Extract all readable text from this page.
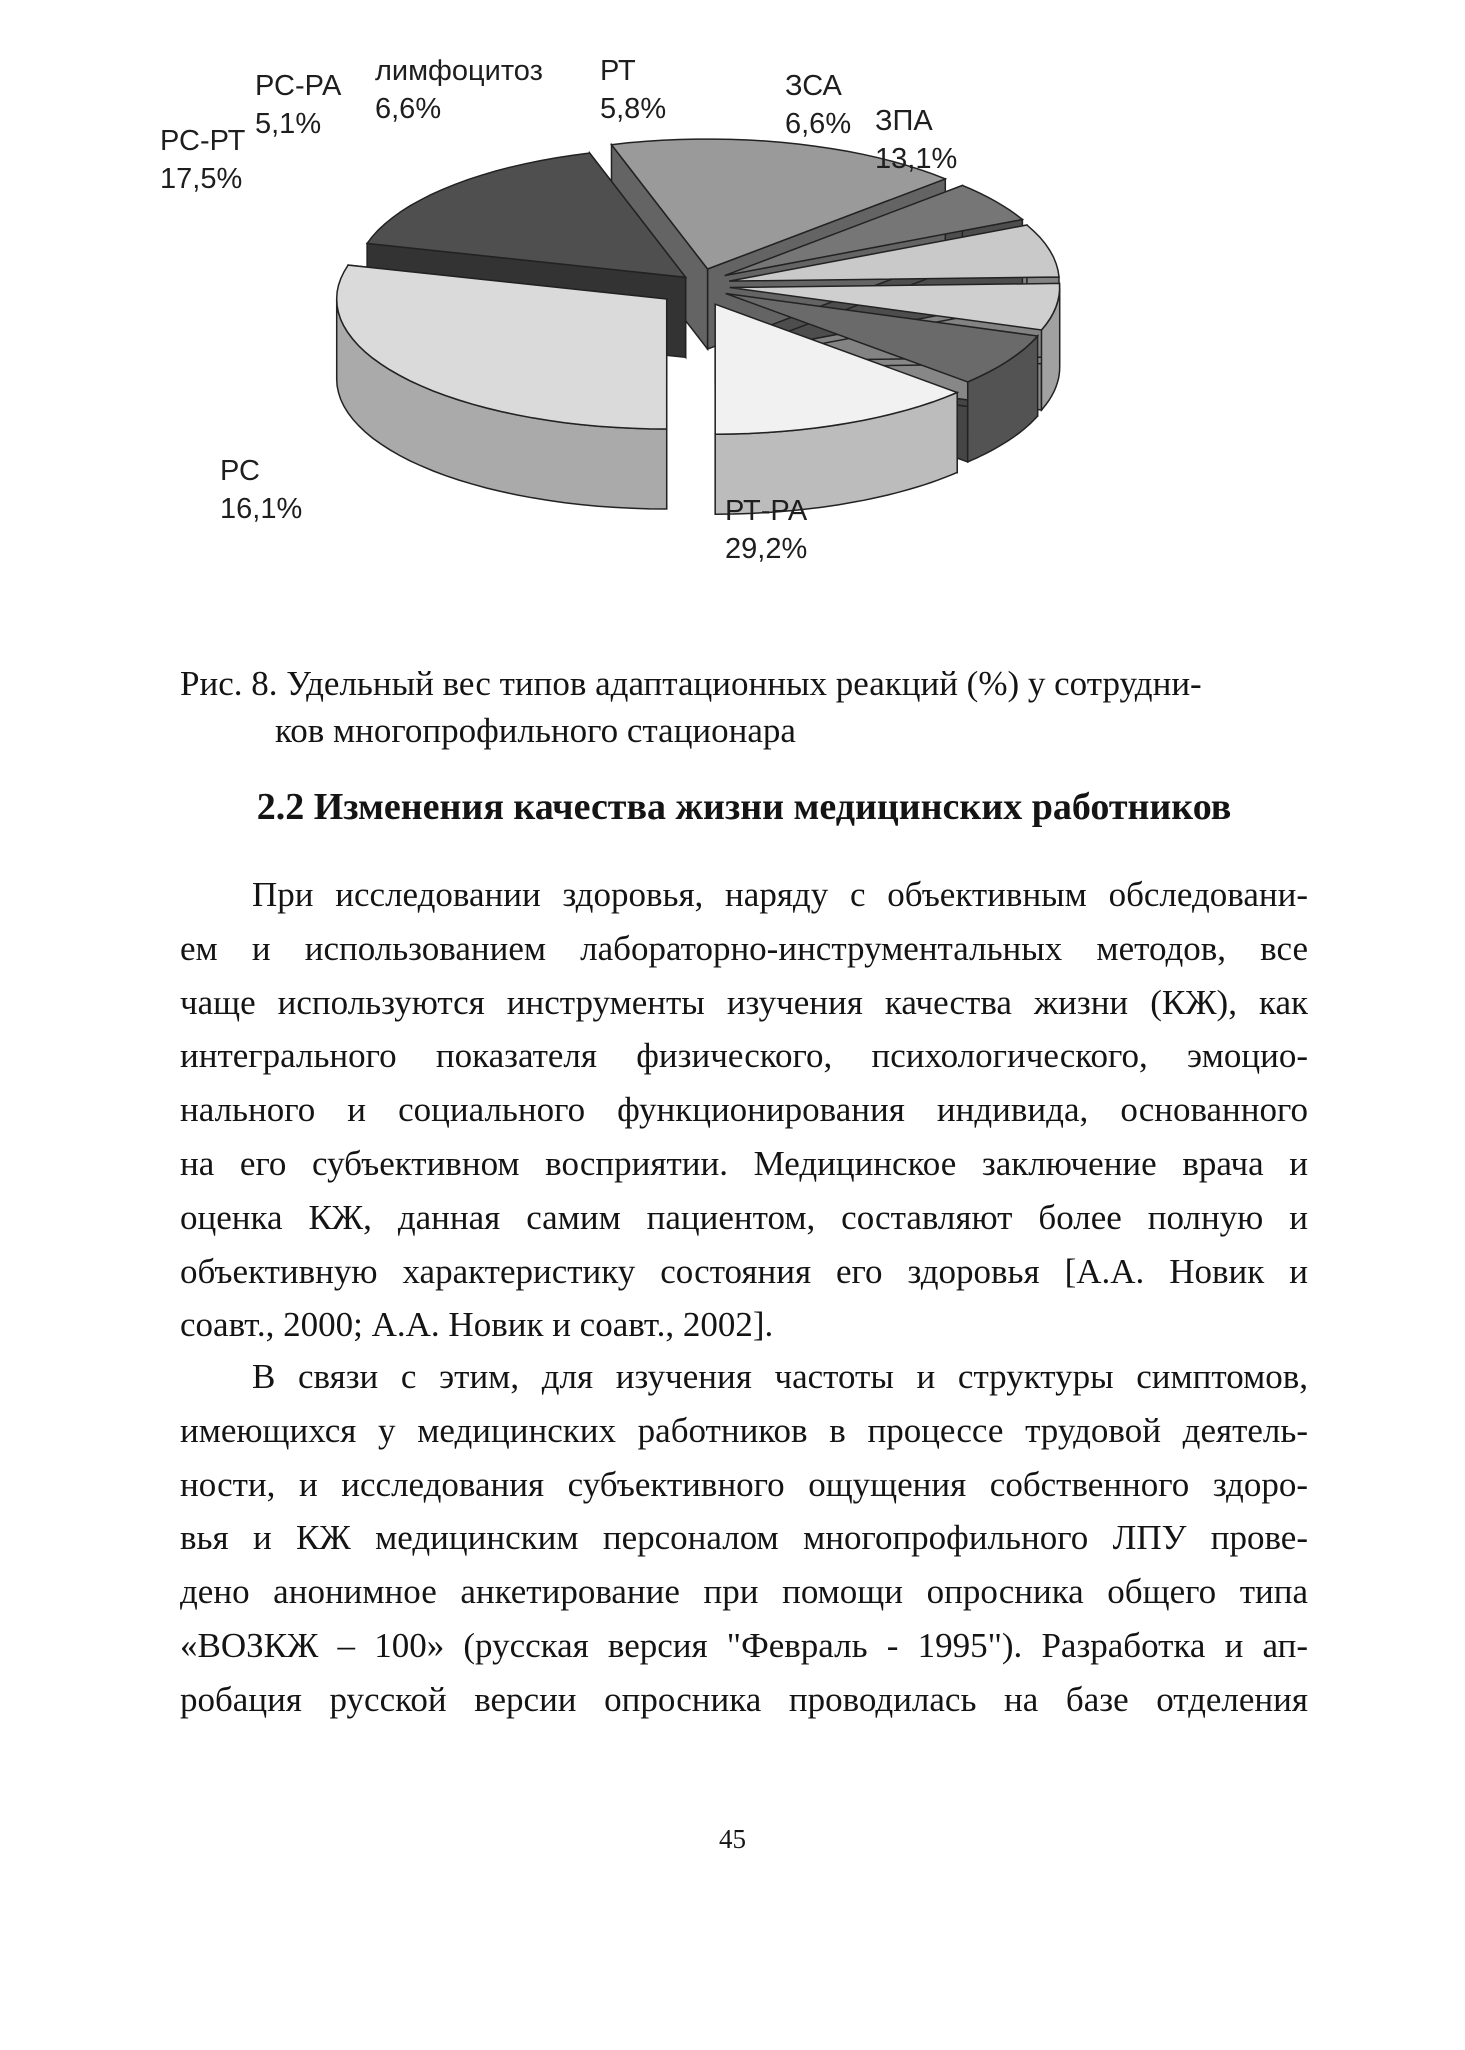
РТ-РА 29,2%
РС 16,1%
РС-РТ 17,5%
РС-РА 5,1%
лимфоцитоз 6,6%
РТ 5,8%
ЗСА 6,6% ЗПА 13,1%
Рис. 8. Удельный вес типов адаптационных реакций (%) у сотрудни-
ков многопрофильного стационара
2.2 Изменения качества жизни медицинских работников
При исследовании здоровья, наряду с объективным обследовани-
ем и использованием лабораторно-инструментальных методов, все
чаще используются инструменты изучения качества жизни (КЖ), как
интегрального показателя физического, психологического, эмоцио-
нального и социального функционирования индивида, основанного
на его субъективном восприятии. Медицинское заключение врача и
оценка КЖ, данная самим пациентом, составляют более полную и
объективную характеристику состояния его здоровья [А.А. Новик и
соавт., 2000; А.А. Новик и соавт., 2002].
В связи с этим, для изучения частоты и структуры симптомов,
имеющихся у медицинских работников в процессе трудовой деятель-
ности, и исследования субъективного ощущения собственного здоро-
вья и КЖ медицинским персоналом многопрофильного ЛПУ прове-
дено анонимное анкетирование при помощи опросника общего типа
«ВОЗКЖ – 100» (русская версия "Февраль - 1995"). Разработка и ап-
робация русской версии опросника проводилась на базе отделения
45
